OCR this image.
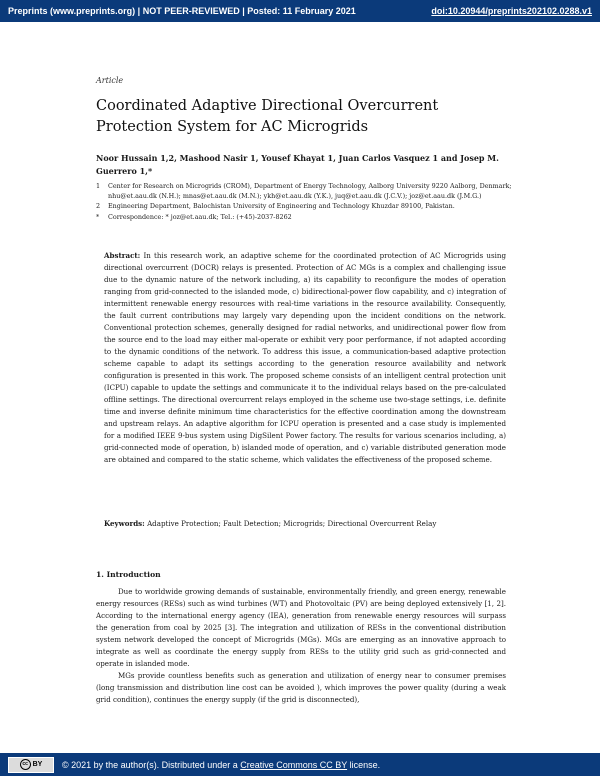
Preprints (www.preprints.org) | NOT PEER-REVIEWED | Posted: 11 February 2021	doi:10.20944/preprints202102.0288.v1
Article
Coordinated Adaptive Directional Overcurrent Protection System for AC Microgrids
Noor Hussain 1,2, Mashood Nasir 1, Yousef Khayat 1, Juan Carlos Vasquez 1 and Josep M. Guerrero 1,*
1	Center for Research on Microgrids (CROM), Department of Energy Technology, Aalborg University 9220 Aalborg, Denmark; nhu@et.aau.dk (N.H.); mnas@et.aau.dk (M.N.); ykh@et.aau.dk (Y.K.), juq@et.aau.dk (J.C.V.); joz@et.aau.dk (J.M.G.)
2	Engineering Department, Balochistan University of Engineering and Technology Khuzdar 89100, Pakistan.
*	Correspondence: * joz@et.aau.dk; Tel.: (+45)-2037-8262
Abstract: In this research work, an adaptive scheme for the coordinated protection of AC Microgrids using directional overcurrent (DOCR) relays is presented. Protection of AC MGs is a complex and challenging issue due to the dynamic nature of the network including, a) its capability to reconfigure the modes of operation ranging from grid-connected to the islanded mode, c) bidirectional-power flow capability, and c) integration of intermittent renewable energy resources with real-time variations in the resource availability. Consequently, the fault current contributions may largely vary depending upon the incident conditions on the network. Conventional protection schemes, generally designed for radial networks, and unidirectional power flow from the source end to the load may either mal-operate or exhibit very poor performance, if not adapted according to the dynamic conditions of the network. To address this issue, a communication-based adaptive protection scheme capable to adapt its settings according to the generation resource availability and network configuration is presented in this work. The proposed scheme consists of an intelligent central protection unit (ICPU) capable to update the settings and communicate it to the individual relays based on the pre-calculated offline settings. The directional overcurrent relays employed in the scheme use two-stage settings, i.e. definite time and inverse definite minimum time characteristics for the effective coordination among the downstream and upstream relays. An adaptive algorithm for ICPU operation is presented and a case study is implemented for a modified IEEE 9-bus system using DigSilent Power factory. The results for various scenarios including, a) grid-connected mode of operation, b) islanded mode of operation, and c) variable distributed generation mode are obtained and compared to the static scheme, which validates the effectiveness of the proposed scheme.
Keywords: Adaptive Protection; Fault Detection; Microgrids; Directional Overcurrent Relay
1. Introduction

Due to worldwide growing demands of sustainable, environmentally friendly, and green energy, renewable energy resources (RESs) such as wind turbines (WT) and Photovoltaic (PV) are being deployed extensively [1, 2]. According to the international energy agency (IEA), generation from renewable energy resources will surpass the generation from coal by 2025 [3]. The integration and utilization of RESs in the conventional distribution system network developed the concept of Microgrids (MGs). MGs are emerging as an innovative approach to integrate as well as coordinate the energy supply from RESs to the utility grid such as grid-connected and operate in islanded mode.

MGs provide countless benefits such as generation and utilization of energy near to consumer premises (long transmission and distribution line cost can be avoided ), which improves the power quality (during a weak grid condition), continues the energy supply (if the grid is disconnected),

cc BY © 2021 by the author(s). Distributed under a Creative Commons CC BY license.
